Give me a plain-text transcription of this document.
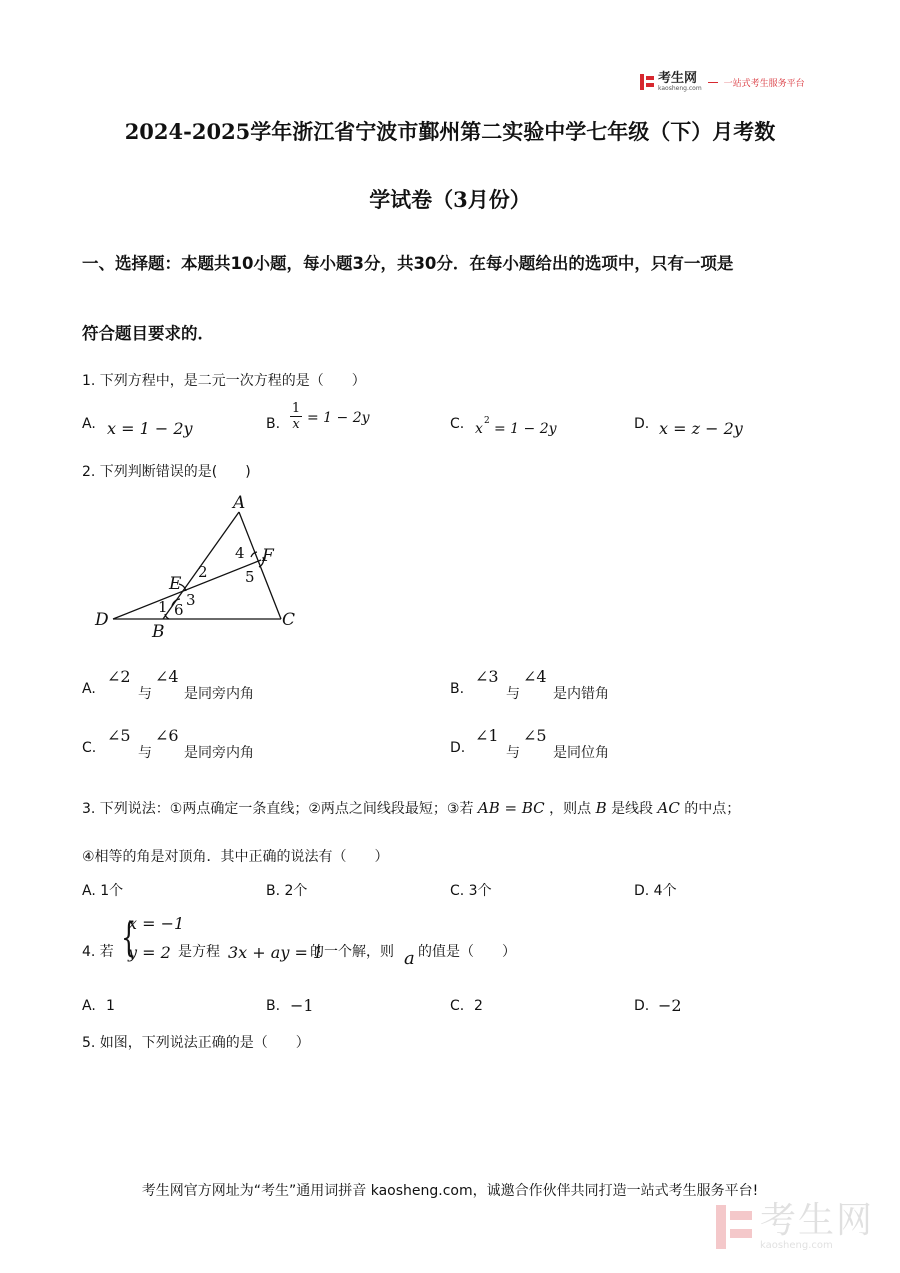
考生网
kaosheng.com 一站式考生服务平台
2024-2025学年浙江省宁波市鄞州第二实验中学七年级（下）月考数
学试卷（3月份）
一、选择题：本题共10小题，每小题3分，共30分．在每小题给出的选项中，只有一项是
符合题目要求的．
1. 下列方程中，是二元一次方程的是（　　）
A. x = 1 − 2y	B.
1
x = 1 − 2y	C. x 2 = 1 − 2y	D. x = z − 2y
2. 下列判断错误的是(　　)
A
B
C
D
E
F
1
2
3
4
5
6
A.
∠2
与
∠4
是同旁内角	B.
∠3
与
∠4
是内错角
C.
∠5
与
∠6
是同旁内角	D.
∠1
与
∠5
是同位角
3. 下列说法：①两点确定一条直线；②两点之间线段最短；③若 AB = BC ，则点 B 是线段 AC 的中点；
④相等的角是对顶角．其中正确的说法有（　　）
A. 1个	B. 2个	C. 3个	D. 4个
4. 若 {
x = −1
y = 2 是方程 3x + ay = 1
的一个解，则 a 的值是（　　）
A. 1	B. −1	C. 2	D. −2
5. 如图，下列说法正确的是（　　）
考生网官方网址为“考生”通用词拼音 kaosheng.com，诚邀合作伙伴共同打造一站式考生服务平台!
考生网
kaosheng.com
